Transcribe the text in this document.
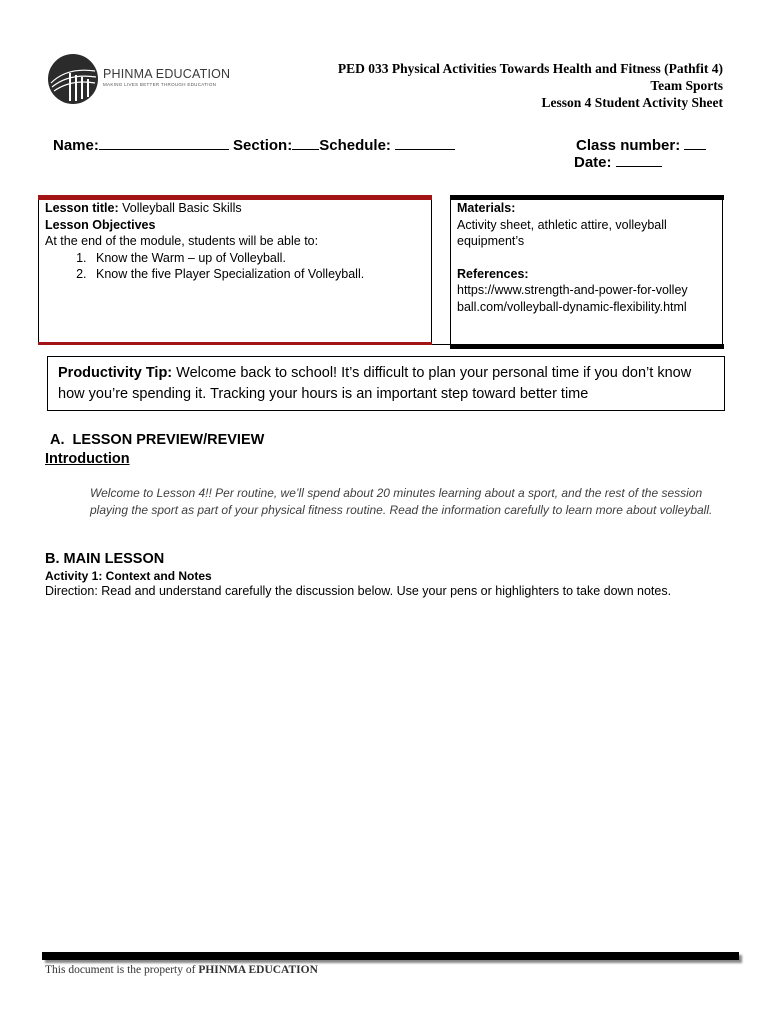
PHINMA EDUCATION
MAKING LIVES BETTER THROUGH EDUCATION
PED 033 Physical Activities Towards Health and Fitness (Pathfit 4)
Team Sports
Lesson 4 Student Activity Sheet
Name:	Section: Schedule:	Class number:
Date:
Lesson title: Volleyball Basic Skills
Lesson Objectives
At the end of the module, students will be able to:
1. Know the Warm – up of Volleyball.
2. Know the five Player Specialization of Volleyball.
Materials:
Activity sheet, athletic attire, volleyball equipment’s
References:
https://www.strength-and-power-for-volleyball.com/volleyball-dynamic-flexibility.html
Productivity Tip: Welcome back to school! It’s difficult to plan your personal time if you don’t know how you’re spending it. Tracking your hours is an important step toward better time
A.  LESSON PREVIEW/REVIEW
Introduction
Welcome to Lesson 4!! Per routine, we’ll spend about 20 minutes learning about a sport, and the rest of the session playing the sport as part of your physical fitness routine. Read the information carefully to learn more about volleyball.
B. MAIN LESSON
Activity 1: Context and Notes
Direction: Read and understand carefully the discussion below. Use your pens or highlighters to take down notes.
This document is the property of PHINMA EDUCATION
